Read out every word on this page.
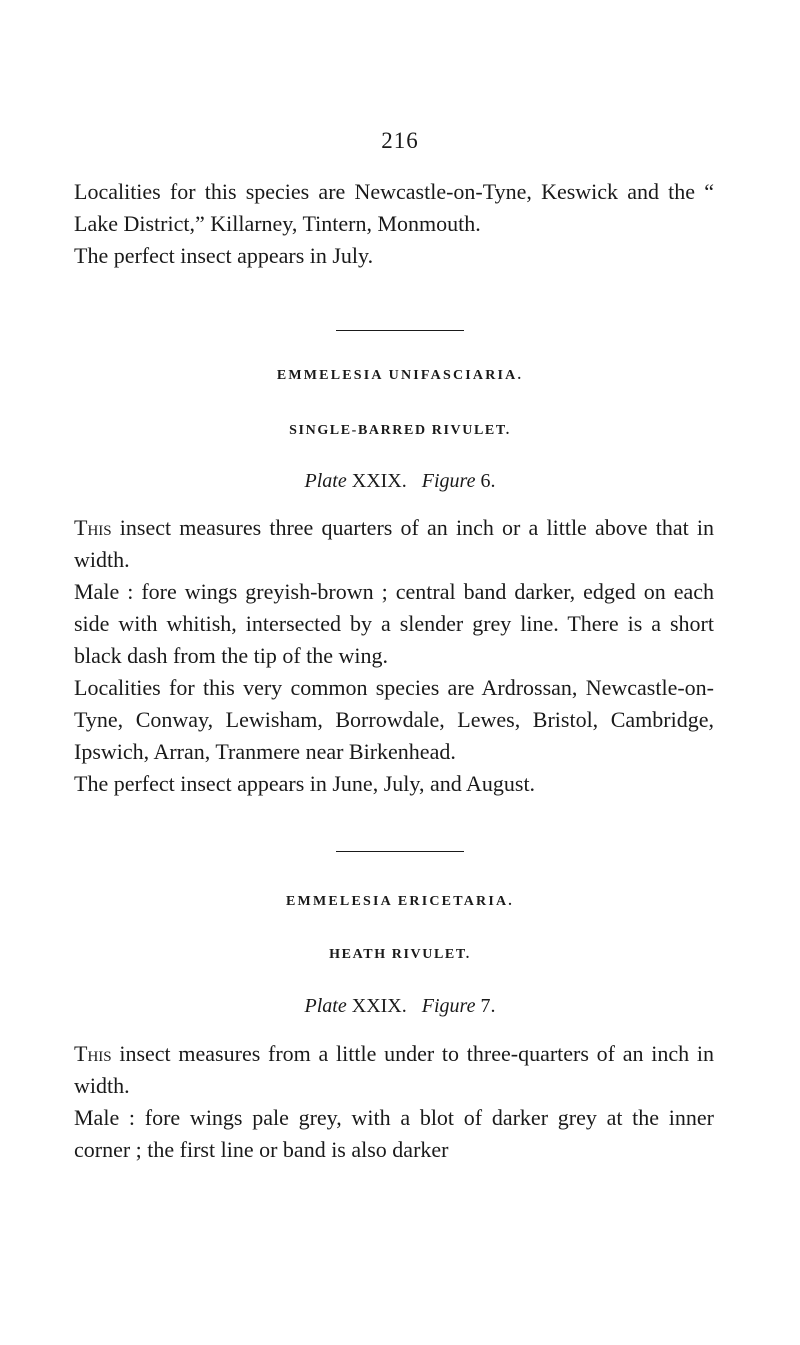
216

Localities for this species are Newcastle-on-Tyne, Keswick and the “ Lake District,” Killarney, Tintern, Monmouth.

The perfect insect appears in July.

EMMELESIA UNIFASCIARIA.
SINGLE-BARRED RIVULET.
Plate XXIX. Figure 6.

This insect measures three quarters of an inch or a little above that in width.

Male : fore wings greyish-brown ; central band darker, edged on each side with whitish, intersected by a slender grey line. There is a short black dash from the tip of the wing.

Localities for this very common species are Ardrossan, Newcastle-on-Tyne, Conway, Lewisham, Borrowdale, Lewes, Bristol, Cambridge, Ipswich, Arran, Tranmere near Birkenhead.

The perfect insect appears in June, July, and August.

EMMELESIA ERICETARIA.
HEATH RIVULET.
Plate XXIX. Figure 7.

This insect measures from a little under to three-quarters of an inch in width.

Male : fore wings pale grey, with a blot of darker grey at the inner corner ; the first line or band is also darker
